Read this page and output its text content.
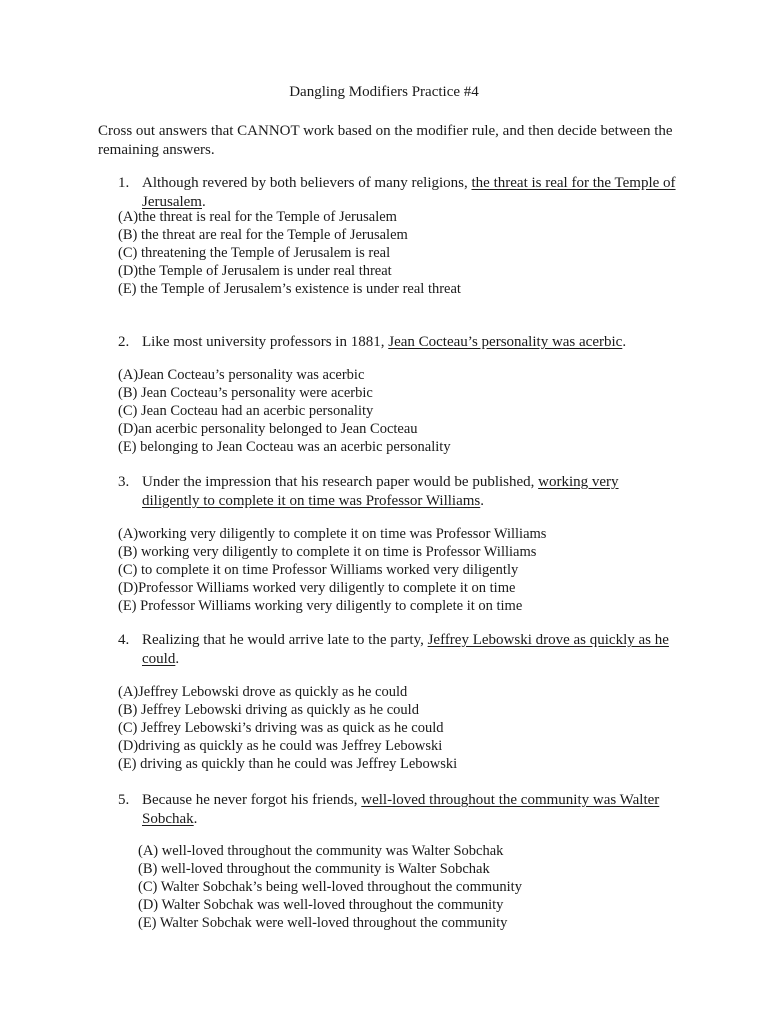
Dangling Modifiers Practice #4
Cross out answers that CANNOT work based on the modifier rule, and then decide between the remaining answers.
1. Although revered by both believers of many religions, the threat is real for the Temple of Jerusalem.
(A)the threat is real for the Temple of Jerusalem
(B) the threat are real for the Temple of Jerusalem
(C) threatening the Temple of Jerusalem is real
(D)the Temple of Jerusalem is under real threat
(E) the Temple of Jerusalem’s existence is under real threat
2. Like most university professors in 1881, Jean Cocteau’s personality was acerbic.
(A)Jean Cocteau’s personality was acerbic
(B) Jean Cocteau’s personality were acerbic
(C) Jean Cocteau had an acerbic personality
(D)an acerbic personality belonged to Jean Cocteau
(E) belonging to Jean Cocteau was an acerbic personality
3. Under the impression that his research paper would be published, working very diligently to complete it on time was Professor Williams.
(A)working very diligently to complete it on time was Professor Williams
(B) working very diligently to complete it on time is Professor Williams
(C) to complete it on time Professor Williams worked very diligently
(D)Professor Williams worked very diligently to complete it on time
(E) Professor Williams working very diligently to complete it on time
4. Realizing that he would arrive late to the party, Jeffrey Lebowski drove as quickly as he could.
(A)Jeffrey Lebowski drove as quickly as he could
(B) Jeffrey Lebowski driving as quickly as he could
(C) Jeffrey Lebowski’s driving was as quick as he could
(D)driving as quickly as he could was Jeffrey Lebowski
(E) driving as quickly than he could was Jeffrey Lebowski
5. Because he never forgot his friends, well-loved throughout the community was Walter Sobchak.
(A) well-loved throughout the community was Walter Sobchak
(B) well-loved throughout the community is Walter Sobchak
(C) Walter Sobchak’s being well-loved throughout the community
(D) Walter Sobchak was well-loved throughout the community
(E) Walter Sobchak were well-loved throughout the community
